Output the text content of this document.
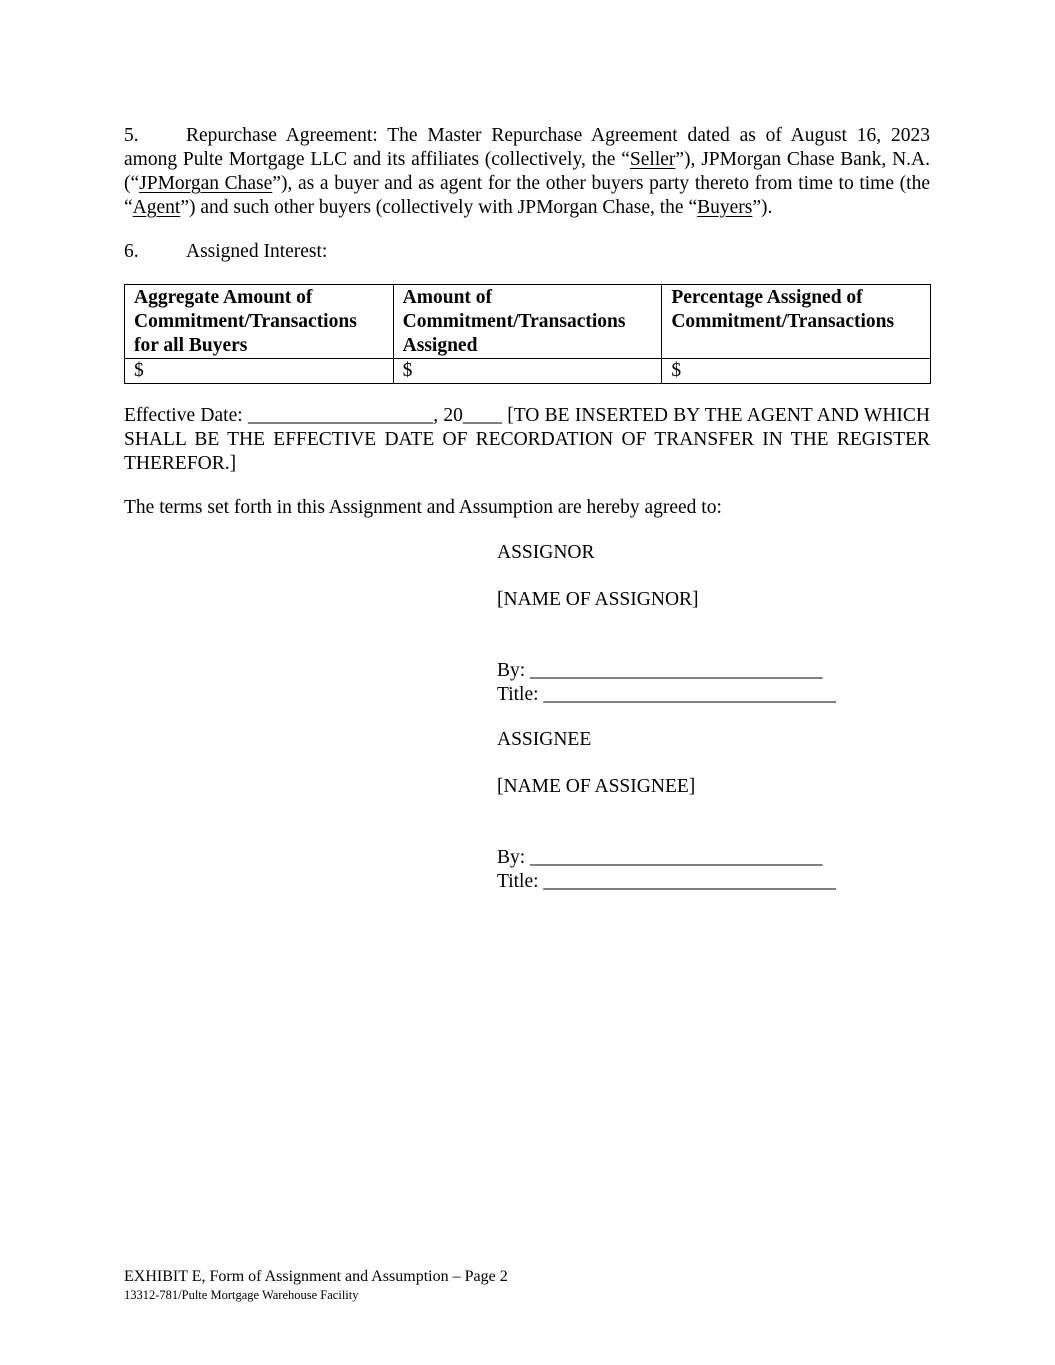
5. Repurchase Agreement: The Master Repurchase Agreement dated as of August 16, 2023 among Pulte Mortgage LLC and its affiliates (collectively, the “Seller”), JPMorgan Chase Bank, N.A. (“JPMorgan Chase”), as a buyer and as agent for the other buyers party thereto from time to time (the “Agent”) and such other buyers (collectively with JPMorgan Chase, the “Buyers”).
6. Assigned Interest:
Aggregate Amount of Commitment/Transactions for all Buyers	Amount of Commitment/Transactions Assigned	Percentage Assigned of Commitment/Transactions
$	$	$
Effective Date: ___________________, 20____ [TO BE INSERTED BY THE AGENT AND WHICH SHALL BE THE EFFECTIVE DATE OF RECORDATION OF TRANSFER IN THE REGISTER THEREFOR.]
The terms set forth in this Assignment and Assumption are hereby agreed to:
ASSIGNOR
[NAME OF ASSIGNOR]
By: ______________________________
Title: ______________________________
ASSIGNEE
[NAME OF ASSIGNEE]
By: ______________________________
Title: ______________________________
EXHIBIT E, Form of Assignment and Assumption – Page 2
13312-781/Pulte Mortgage Warehouse Facility
